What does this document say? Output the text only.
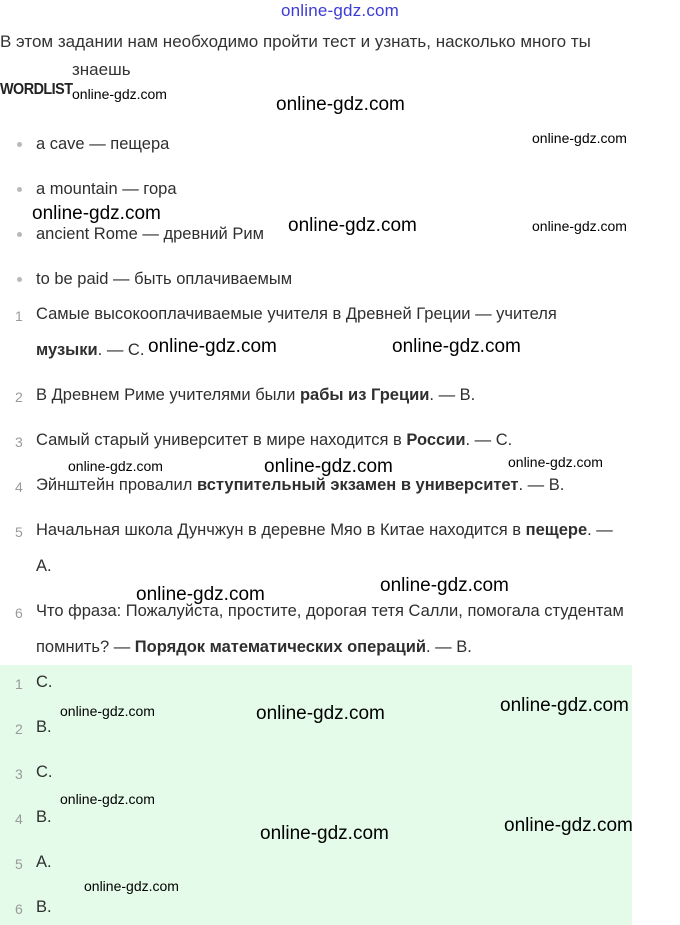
online-gdz.com
В этом задании нам необходимо пройти тест и узнать, насколько много ты
знаешь
WORDLIST
a cave — пещера
a mountain — гора
ancient Rome — древний Рим
to be paid — быть оплачиваемым
1 Самые высокооплачиваемые учителя в Древней Греции — учителя
музыки. — С.
2 В Древнем Риме учителями были рабы из Греции. — В.
3 Самый старый университет в мире находится в России. — С.
4 Эйнштейн провалил вступительный экзамен в университет. — В.
5 Начальная школа Дунчжун в деревне Мяо в Китае находится в пещере. —
А.
6 Что фраза: Пожалуйста, простите, дорогая тетя Салли, помогала студентам
помнить? — Порядок математических операций. — В.
1 C.
2 B.
3 C.
4 B.
5 A.
6 B.
online-gdz.com	online-gdz.com
online-gdz.com
online-gdz.com
online-gdz.com	online-gdz.com
online-gdz.com	online-gdz.com
online-gdz.com	online-gdz.com	online-gdz.com
online-gdz.com	online-gdz.com
online-gdz.com	online-gdz.com	online-gdz.com
online-gdz.com
online-gdz.com	online-gdz.com
online-gdz.com
